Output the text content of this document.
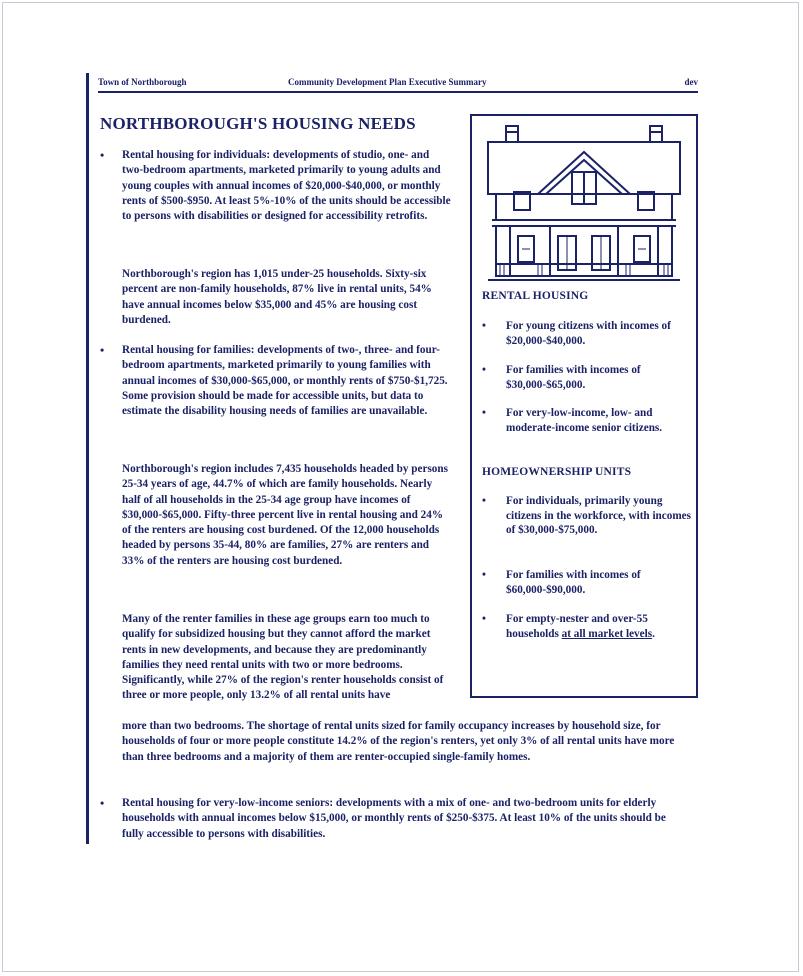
Town of Northborough	Community Development Plan Executive Summary	dev
NORTHBOROUGH'S HOUSING NEEDS
• Rental housing for individuals: developments of studio, one- and two-bedroom apartments, marketed primarily to young adults and young couples with annual incomes of $20,000-$40,000, or monthly rents of $500-$950. At least 5%-10% of the units should be accessible to persons with disabilities or designed for accessibility retrofits.

Northborough's region has 1,015 under-25 households. Sixty-six percent are non-family households, 87% live in rental units, 54% have annual incomes below $35,000 and 45% are housing cost burdened.

• Rental housing for families: developments of two-, three- and four-bedroom apartments, marketed primarily to young families with annual incomes of $30,000-$65,000, or monthly rents of $750-$1,725. Some provision should be made for accessible units, but data to estimate the disability housing needs of families are unavailable.

Northborough's region includes 7,435 households headed by persons 25-34 years of age, 44.7% of which are family households. Nearly half of all households in the 25-34 age group have incomes of $30,000-$65,000. Fifty-three percent live in rental housing and 24% of the renters are housing cost burdened. Of the 12,000 households headed by persons 35-44, 80% are families, 27% are renters and 33% of the renters are housing cost burdened.

Many of the renter families in these age groups earn too much to qualify for subsidized housing but they cannot afford the market rents in new developments, and because they are predominantly families they need rental units with two or more bedrooms. Significantly, while 27% of the region's renter households consist of three or more people, only 13.2% of all rental units have

more than two bedrooms. The shortage of rental units sized for family occupancy increases by household size, for households of four or more people constitute 14.2% of the region's renters, yet only 3% of all rental units have more than three bedrooms and a majority of them are renter-occupied single-family homes.

• Rental housing for very-low-income seniors: developments with a mix of one- and two-bedroom units for elderly households with annual incomes below $15,000, or monthly rents of $250-$375. At least 10% of the units should be fully accessible to persons with disabilities.

RENTAL HOUSING
• For young citizens with incomes of $20,000-$40,000.
• For families with incomes of $30,000-$65,000.
• For very-low-income, low- and moderate-income senior citizens.
HOMEOWNERSHIP UNITS
• For individuals, primarily young citizens in the workforce, with incomes of $30,000-$75,000.
• For families with incomes of $60,000-$90,000.
• For empty-nester and over-55 households at all market levels.
